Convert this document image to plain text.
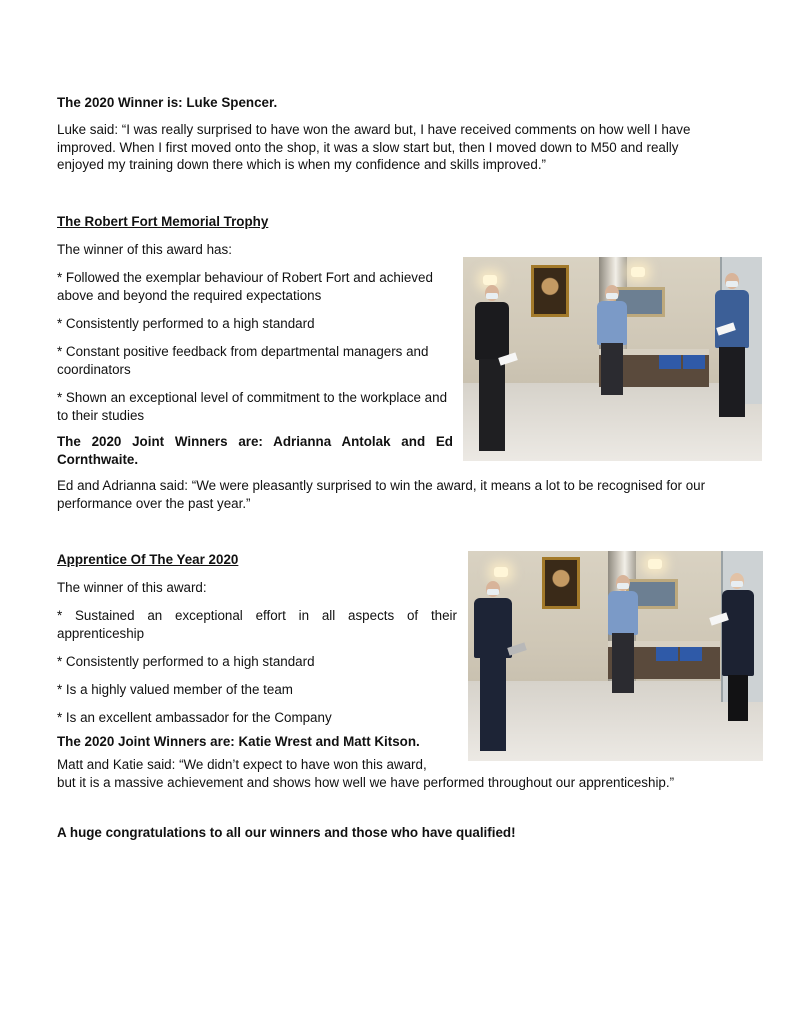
The 2020 Winner is: Luke Spencer.

Luke said: “I was really surprised to have won the award but, I have received comments on how well I have improved. When I first moved onto the shop, it was a slow start but, then I moved down to M50 and really enjoyed my training down there which is when my confidence and skills improved.”

The Robert Fort Memorial Trophy

The winner of this award has:

* Followed the exemplar behaviour of Robert Fort and achieved above and beyond the required expectations

* Consistently performed to a high standard

* Constant positive feedback from departmental managers and coordinators

* Shown an exceptional level of commitment to the workplace and to their studies

The 2020 Joint Winners are: Adrianna Antolak and Ed Cornthwaite.

Ed and Adrianna said: “We were pleasantly surprised to win the award, it means a lot to be recognised for our performance over the past year.”

Apprentice Of The Year 2020

The winner of this award:

* Sustained an exceptional effort in all aspects of their apprenticeship

* Consistently performed to a high standard

* Is a highly valued member of the team

* Is an excellent ambassador for the Company

The 2020 Joint Winners are: Katie Wrest and Matt Kitson.

Matt and Katie said: “We didn’t expect to have won this award,

but it is a massive achievement and shows how well we have performed throughout our apprenticeship.”

A huge congratulations to all our winners and those who have qualified!
